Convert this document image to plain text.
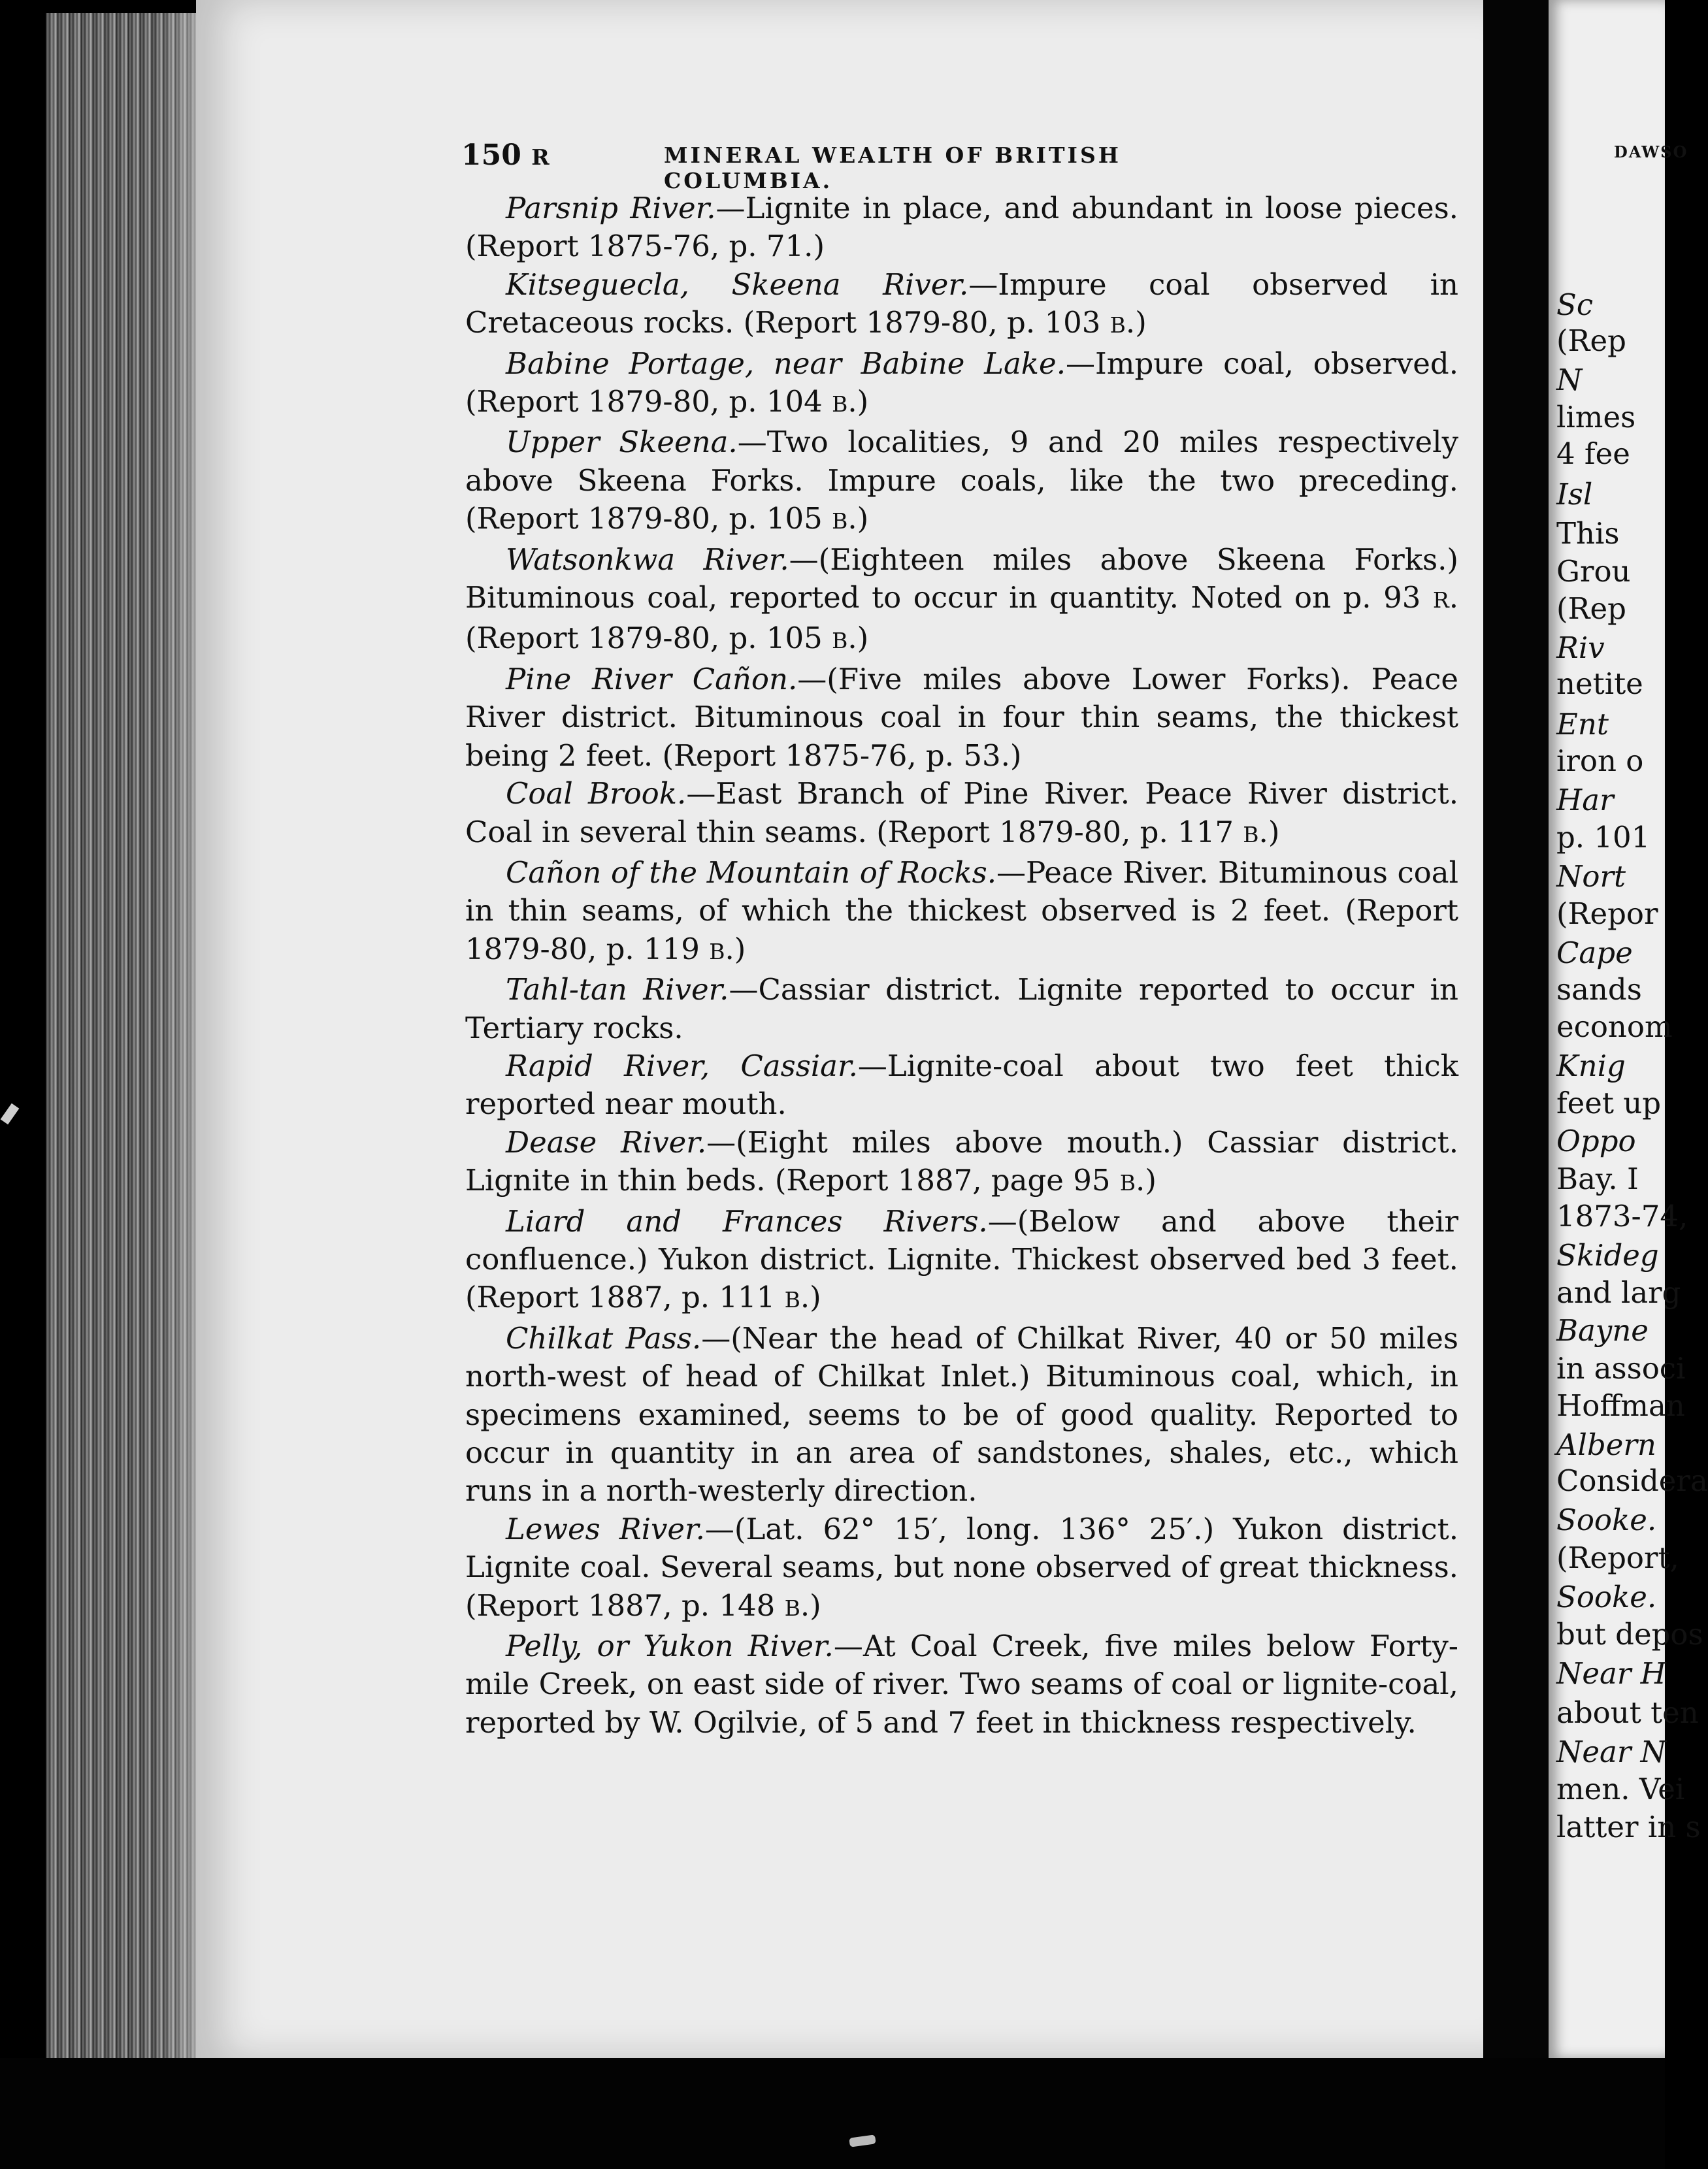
150 R	MINERAL WEALTH OF BRITISH COLUMBIA.

Parsnip River.—Lignite in place, and abundant in loose pieces. (Report 1875-76, p. 71.)

Kitseguecla, Skeena River.—Impure coal observed in Cretaceous rocks. (Report 1879-80, p. 103 B.)

Babine Portage, near Babine Lake.—Impure coal, observed. (Report 1879-80, p. 104 B.)

Upper Skeena.—Two localities, 9 and 20 miles respectively above Skeena Forks. Impure coals, like the two preceding. (Report 1879-80, p. 105 B.)

Watsonkwa River.—(Eighteen miles above Skeena Forks.) Bituminous coal, reported to occur in quantity. Noted on p. 93 R. (Report 1879-80, p. 105 B.)

Pine River Cañon.—(Five miles above Lower Forks). Peace River district. Bituminous coal in four thin seams, the thickest being 2 feet. (Report 1875-76, p. 53.)

Coal Brook.—East Branch of Pine River. Peace River district. Coal in several thin seams. (Report 1879-80, p. 117 B.)

Cañon of the Mountain of Rocks.—Peace River. Bituminous coal in thin seams, of which the thickest observed is 2 feet. (Report 1879-80, p. 119 B.)

Tahl-tan River.—Cassiar district. Lignite reported to occur in Tertiary rocks.

Rapid River, Cassiar.—Lignite-coal about two feet thick reported near mouth.

Dease River.—(Eight miles above mouth.) Cassiar district. Lignite in thin beds. (Report 1887, page 95 B.)

Liard and Frances Rivers.—(Below and above their confluence.) Yukon district. Lignite. Thickest observed bed 3 feet. (Report 1887, p. 111 B.)

Chilkat Pass.—(Near the head of Chilkat River, 40 or 50 miles north-west of head of Chilkat Inlet.) Bituminous coal, which, in specimens examined, seems to be of good quality. Reported to occur in quantity in an area of sandstones, shales, etc., which runs in a north-westerly direction.

Lewes River.—(Lat. 62° 15′, long. 136° 25′.) Yukon district. Lignite coal. Several seams, but none observed of great thickness. (Report 1887, p. 148 B.)

Pelly, or Yukon River.—At Coal Creek, five miles below Forty-mile Creek, on east side of river. Two seams of coal or lignite-coal, reported by W. Ogilvie, of 5 and 7 feet in thickness respectively.

DAWSO
Sc
(Rep
N
limes
4 fee
Isl
This
Grou
(Rep
Riv
netite
Ent
iron o
Har
p. 101
Nort
(Repor
Cape
sands
econom
Knig
feet up
Oppo
Bay. I
1873-74,
Skideg
and larg
Bayne
in associ
Hoffman
Albern
Considera
Sooke.
(Report,
Sooke.
but depos
Near H
about ten
Near N
men. Vei
latter in s
